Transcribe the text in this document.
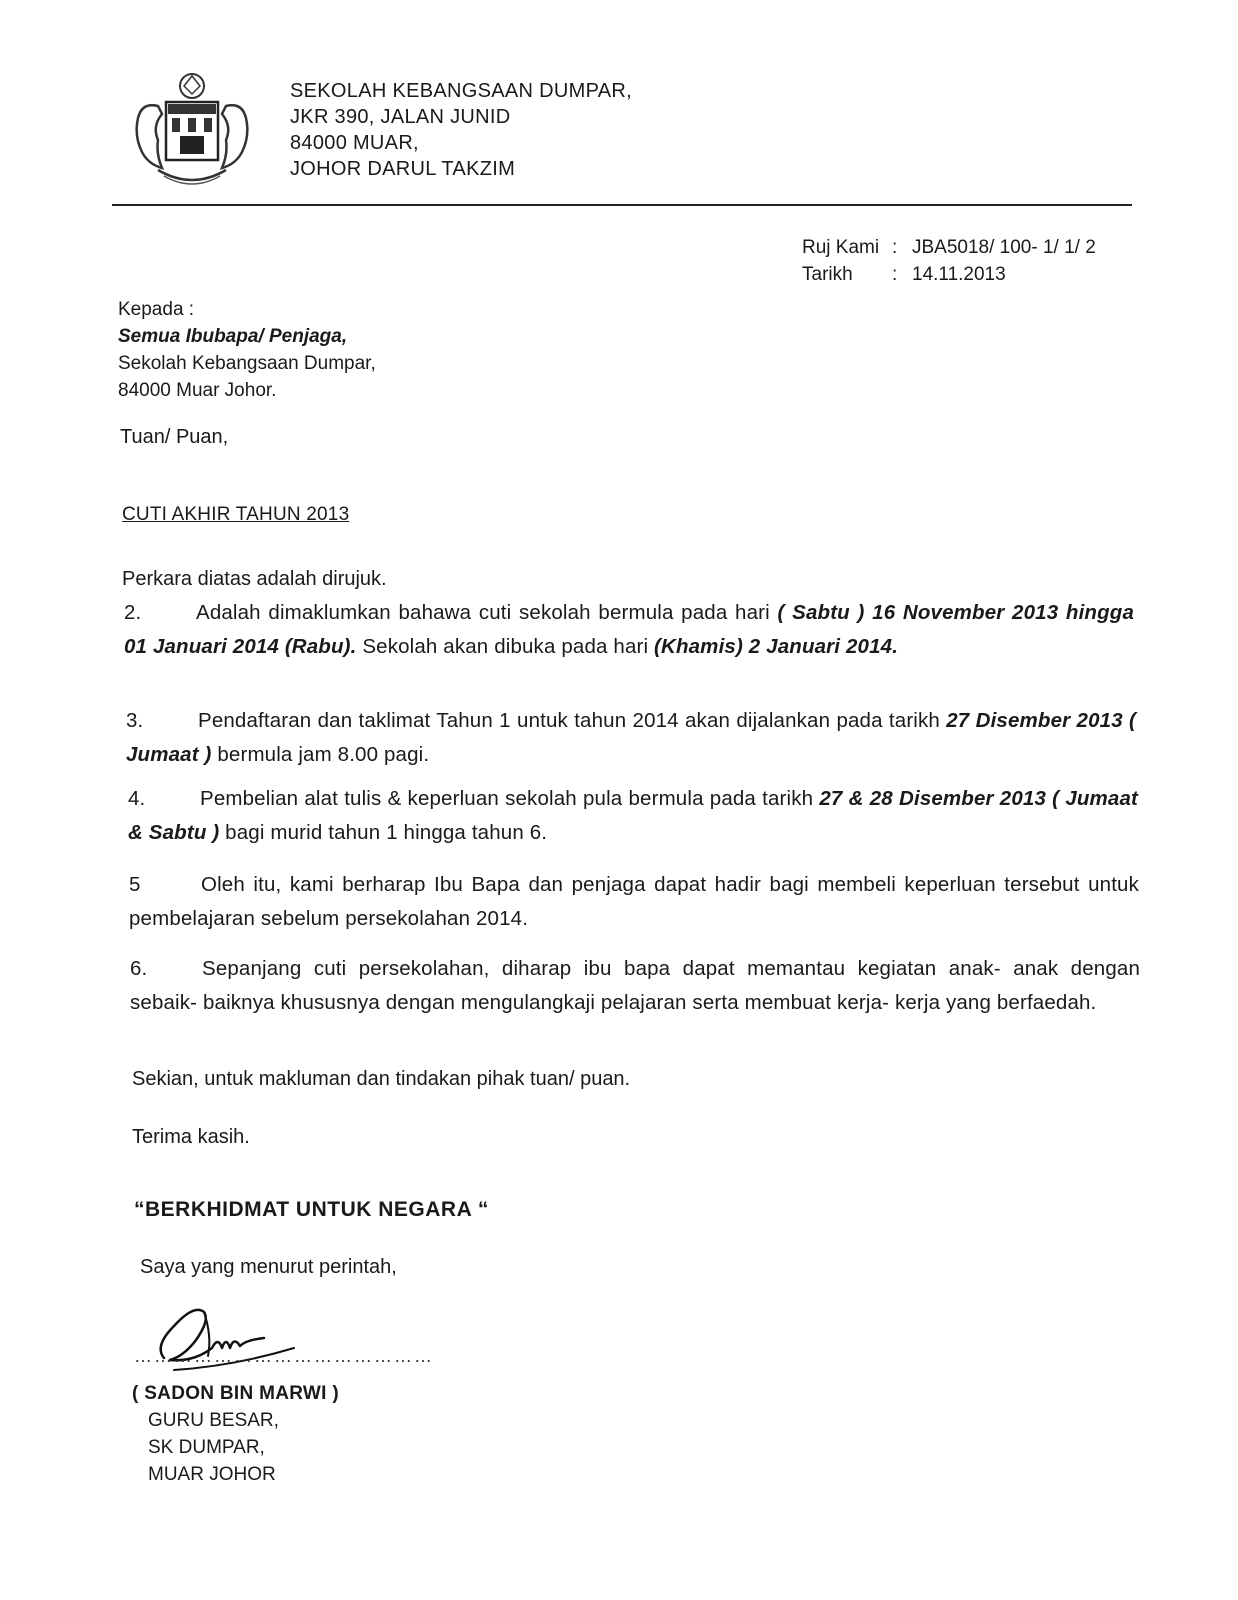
SEKOLAH KEBANGSAAN DUMPAR,
JKR 390, JALAN JUNID
84000 MUAR,
JOHOR DARUL TAKZIM
Ruj Kami : JBA5018/ 100- 1/ 1/ 2
Tarikh : 14.11.2013
Kepada :
Semua Ibubapa/ Penjaga,
Sekolah Kebangsaan Dumpar,
84000 Muar Johor.
Tuan/ Puan,
CUTI AKHIR TAHUN 2013
Perkara diatas adalah dirujuk.
2.	Adalah dimaklumkan bahawa cuti sekolah bermula pada hari ( Sabtu ) 16 November 2013 hingga 01 Januari 2014 (Rabu). Sekolah akan dibuka pada hari (Khamis) 2 Januari 2014.
3.	Pendaftaran dan taklimat Tahun 1 untuk tahun 2014 akan dijalankan pada tarikh 27 Disember 2013 ( Jumaat ) bermula jam 8.00 pagi.
4.	Pembelian alat tulis & keperluan sekolah pula bermula pada tarikh 27 & 28 Disember 2013 ( Jumaat & Sabtu ) bagi murid tahun 1 hingga tahun 6.
5	Oleh itu, kami berharap Ibu Bapa dan penjaga dapat hadir bagi membeli keperluan tersebut untuk pembelajaran sebelum persekolahan 2014.
6.	Sepanjang cuti persekolahan, diharap ibu bapa dapat memantau kegiatan anak- anak dengan sebaik- baiknya khususnya dengan mengulangkaji pelajaran serta membuat kerja- kerja yang berfaedah.
Sekian, untuk makluman dan tindakan pihak tuan/ puan.
Terima kasih.
“BERKHIDMAT UNTUK NEGARA “
Saya yang menurut perintah,
………………………………………
( SADON BIN MARWI )
GURU BESAR,
SK DUMPAR,
MUAR JOHOR
